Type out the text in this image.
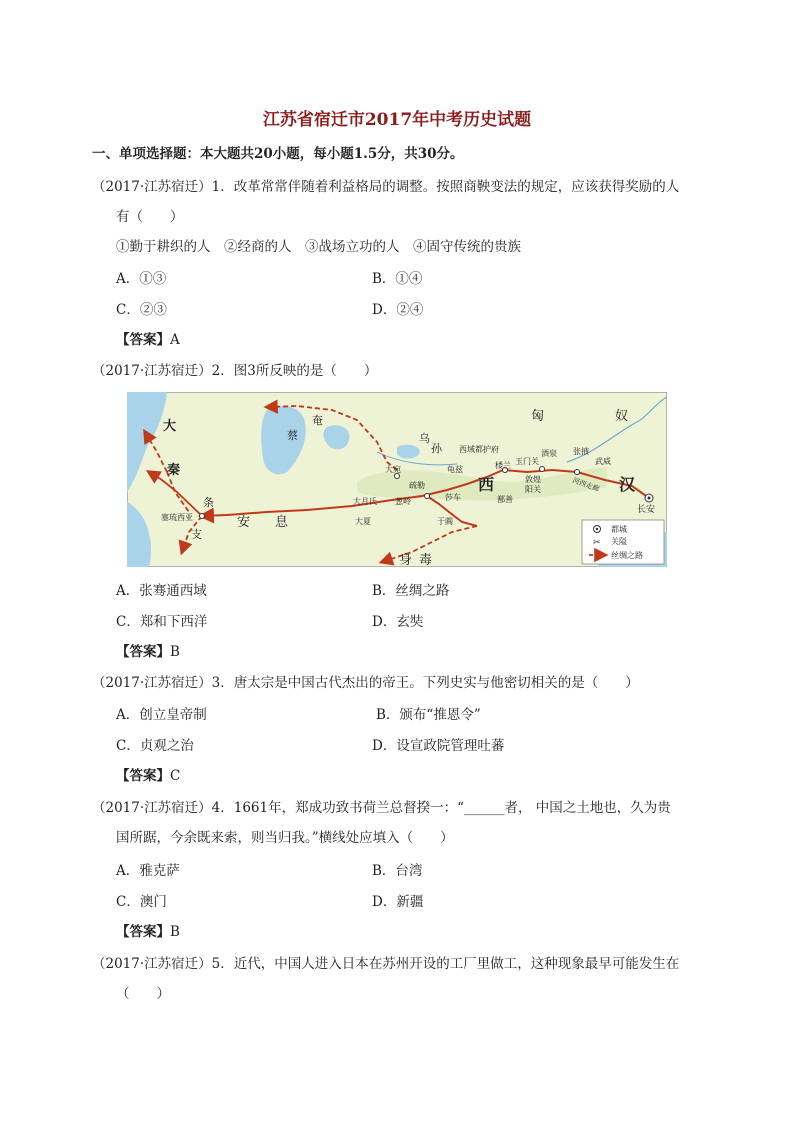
江苏省宿迁市2017年中考历史试题
一、单项选择题：本大题共20小题，每小题1.5分，共30分。
（2017·江苏宿迁）1．改革常常伴随着利益格局的调整。按照商鞅变法的规定，应该获得奖励的人
有（　　）
①勤于耕织的人　②经商的人　③战场立功的人　④固守传统的贵族
A．①③	B．①④
C．②③	D．②④
【答案】A
（2017·江苏宿迁）2．图3所反映的是（　　）
匈	奴
汉
西
奄
蔡	乌
孙
大
秦
条
支
安 息
身 毒
长安
武威
张掖
酒泉
敦煌	河西走廊
玉门关
阳关
楼兰
鄯善
西域都护府
龟兹
莎车
于阗
疏勒
葱岭
大宛
大月氏
大夏
塞琉西亚
都城
✂ 关隘
丝绸之路
A．张骞通西域	B．丝绸之路
C．郑和下西洋	D．玄奘
【答案】B
（2017·江苏宿迁）3．唐太宗是中国古代杰出的帝王。下列史实与他密切相关的是（　　）
A．创立皇帝制	B．颁布“推恩令”
C．贞观之治	D．设宣政院管理吐蕃
【答案】C
（2017·江苏宿迁）4．1661年，郑成功致书荷兰总督揆一：“______者， 中国之土地也，久为贵
国所踞，今余既来索，则当归我。”横线处应填入（　　）
A．雅克萨	B．台湾
C．澳门	D．新疆
【答案】B
（2017·江苏宿迁）5．近代，中国人进入日本在苏州开设的工厂里做工，这种现象最早可能发生在
（　　）
